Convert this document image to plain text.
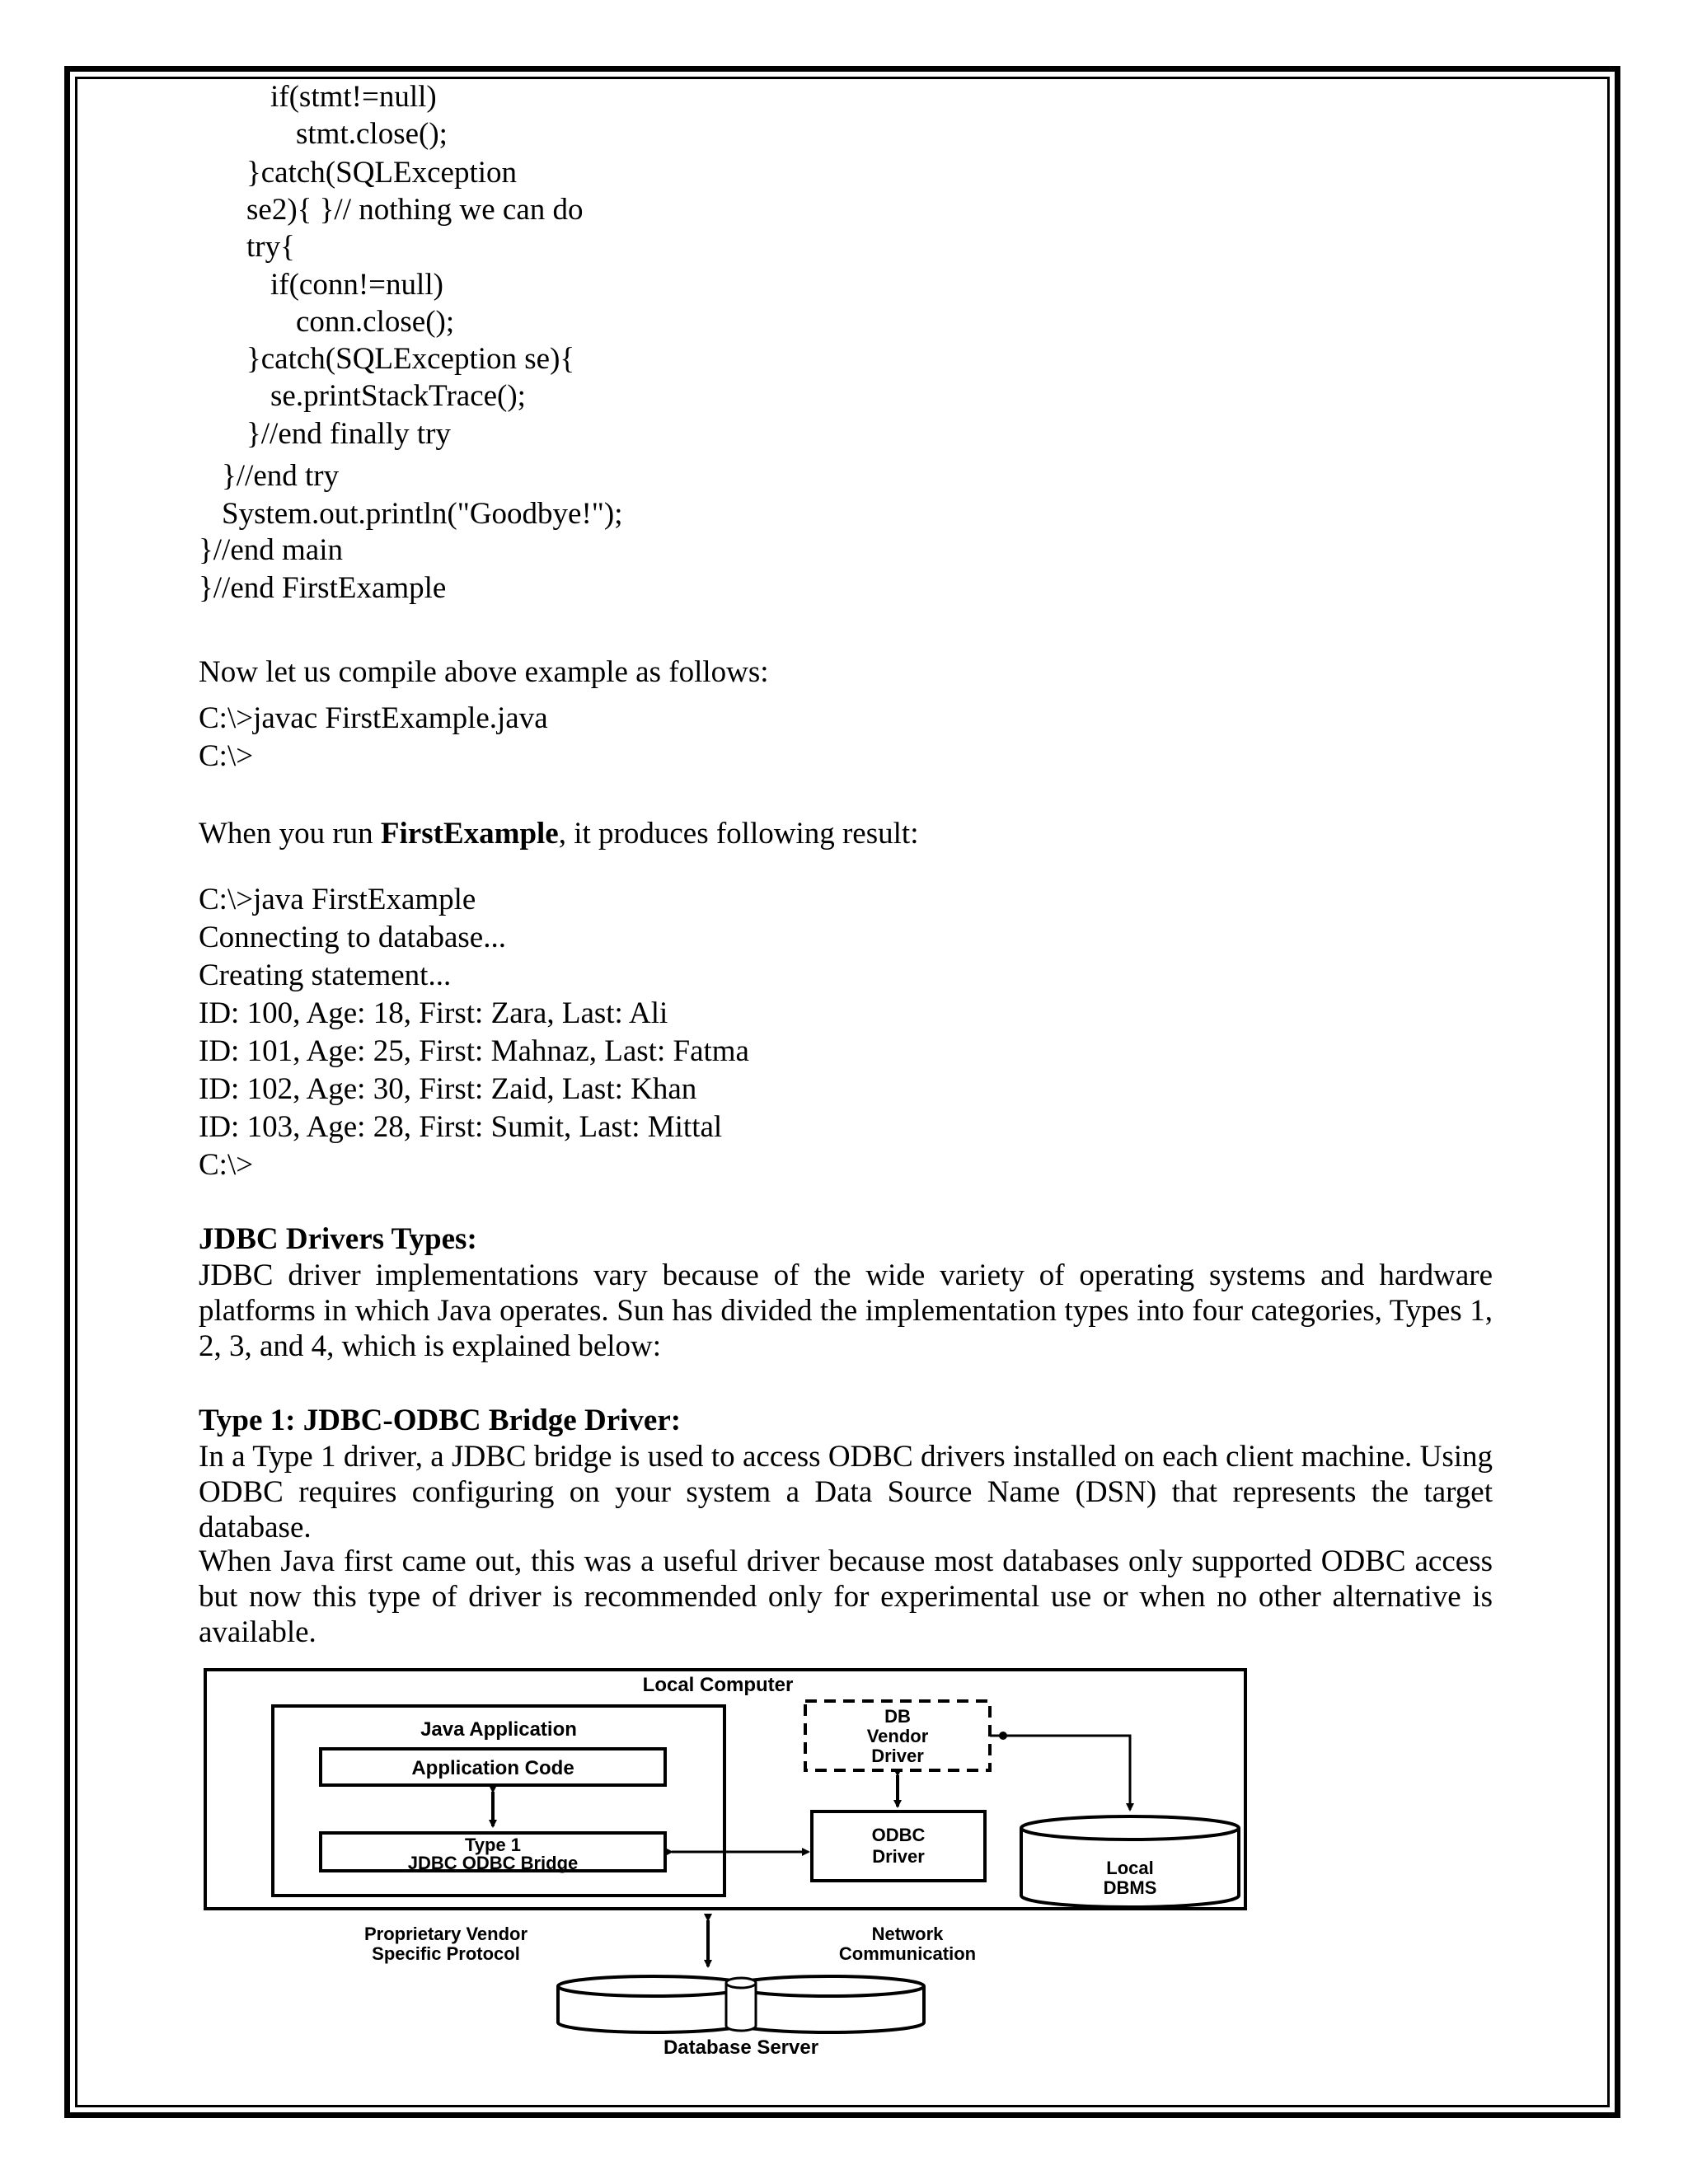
if(stmt!=null)
stmt.close();
}catch(SQLException
se2){ }// nothing we can do
try{
if(conn!=null)
conn.close();
}catch(SQLException se){
se.printStackTrace();
}//end finally try
}//end try
System.out.println("Goodbye!");
}//end main
}//end FirstExample
Now let us compile above example as follows:
C:\>javac FirstExample.java
C:\>
When you run FirstExample, it produces following result:
C:\>java FirstExample
Connecting to database...
Creating statement...
ID: 100, Age: 18, First: Zara, Last: Ali
ID: 101, Age: 25, First: Mahnaz, Last: Fatma
ID: 102, Age: 30, First: Zaid, Last: Khan
ID: 103, Age: 28, First: Sumit, Last: Mittal
C:\>
JDBC Drivers Types:
JDBC driver implementations vary because of the wide variety of operating systems and hardware platforms in which Java operates. Sun has divided the implementation types into four categories, Types 1, 2, 3, and 4, which is explained below:
Type 1: JDBC-ODBC Bridge Driver:
In a Type 1 driver, a JDBC bridge is used to access ODBC drivers installed on each client machine. Using ODBC requires configuring on your system a Data Source Name (DSN) that represents the target database.
When Java first came out, this was a useful driver because most databases only supported ODBC access but now this type of driver is recommended only for experimental use or when no other alternative is available.
Local Computer
Java Application
Application Code
Type 1
JDBC ODBC Bridge
DB
Vendor
Driver
ODBC
Driver
Local
DBMS
Proprietary Vendor
Specific Protocol
Network
Communication
Database Server
